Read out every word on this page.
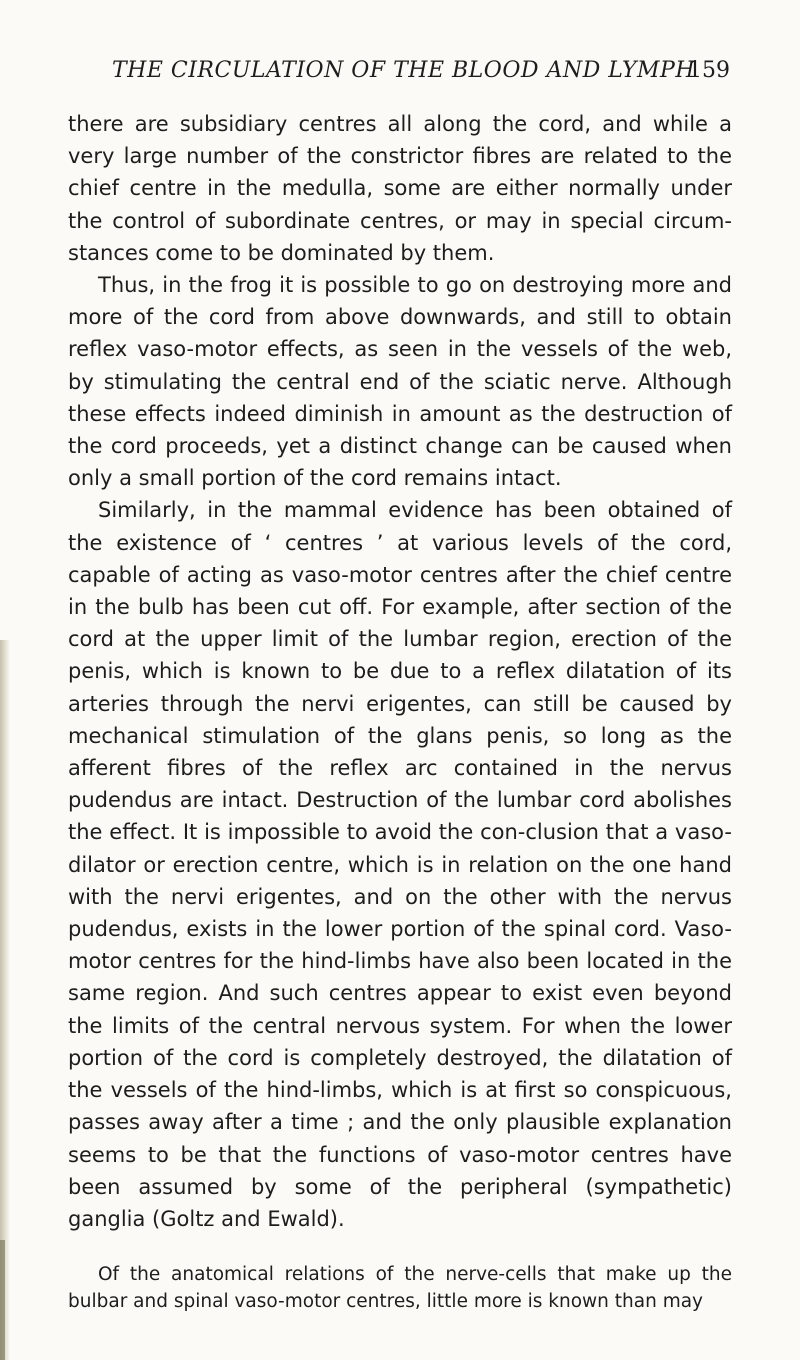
THE CIRCULATION OF THE BLOOD AND LYMPH
159

there are subsidiary centres all along the cord, and while a very large number of the constrictor fibres are related to the chief centre in the medulla, some are either normally under the control of subordinate centres, or may in special circum-stances come to be dominated by them.

Thus, in the frog it is possible to go on destroying more and more of the cord from above downwards, and still to obtain reflex vaso-motor effects, as seen in the vessels of the web, by stimulating the central end of the sciatic nerve. Although these effects indeed diminish in amount as the destruction of the cord proceeds, yet a distinct change can be caused when only a small portion of the cord remains intact.

Similarly, in the mammal evidence has been obtained of the existence of ‘ centres ’ at various levels of the cord, capable of acting as vaso-motor centres after the chief centre in the bulb has been cut off. For example, after section of the cord at the upper limit of the lumbar region, erection of the penis, which is known to be due to a reflex dilatation of its arteries through the nervi erigentes, can still be caused by mechanical stimulation of the glans penis, so long as the afferent fibres of the reflex arc contained in the nervus pudendus are intact. Destruction of the lumbar cord abolishes the effect. It is impossible to avoid the con-clusion that a vaso-dilator or erection centre, which is in relation on the one hand with the nervi erigentes, and on the other with the nervus pudendus, exists in the lower portion of the spinal cord. Vaso-motor centres for the hind-limbs have also been located in the same region. And such centres appear to exist even beyond the limits of the central nervous system. For when the lower portion of the cord is completely destroyed, the dilatation of the vessels of the hind-limbs, which is at first so conspicuous, passes away after a time ; and the only plausible explanation seems to be that the functions of vaso-motor centres have been assumed by some of the peripheral (sympathetic) ganglia (Goltz and Ewald).

Of the anatomical relations of the nerve-cells that make up the bulbar and spinal vaso-motor centres, little more is known than may
